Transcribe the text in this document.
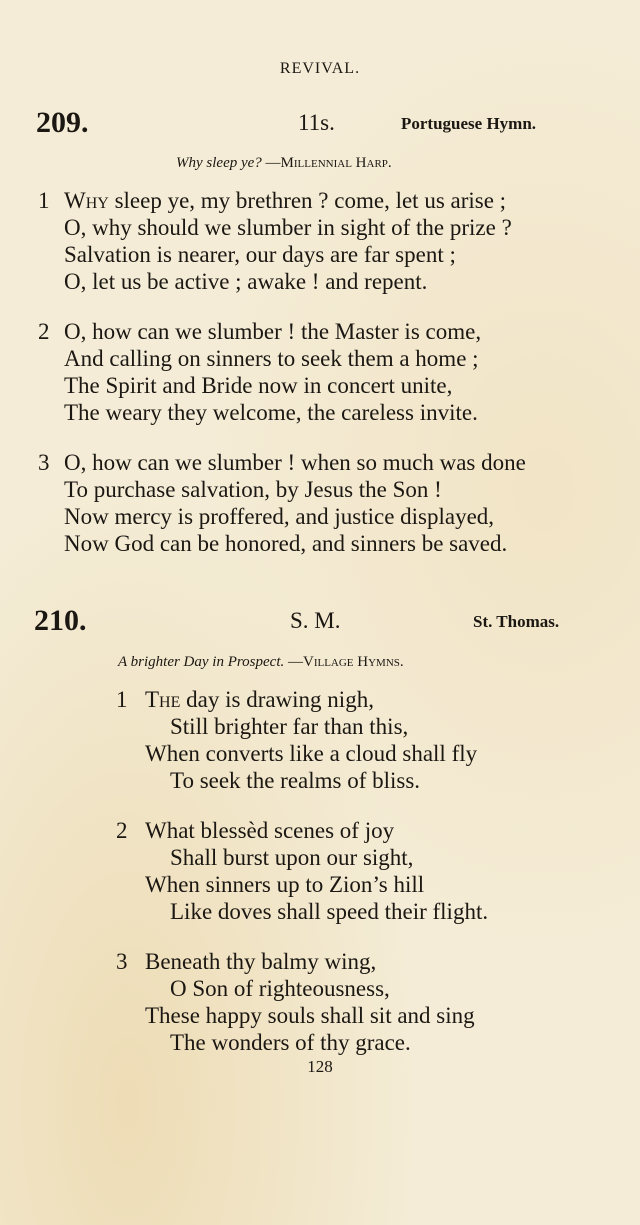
REVIVAL.
209.	11s.	Portuguese Hymn.
Why sleep ye? —Millennial Harp.
1 Why sleep ye, my brethren ? come, let us arise ;
O, why should we slumber in sight of the prize ?
Salvation is nearer, our days are far spent ;
O, let us be active ; awake ! and repent.
2 O, how can we slumber ! the Master is come,
And calling on sinners to seek them a home ;
The Spirit and Bride now in concert unite,
The weary they welcome, the careless invite.
3 O, how can we slumber ! when so much was done
To purchase salvation, by Jesus the Son !
Now mercy is proffered, and justice displayed,
Now God can be honored, and sinners be saved.
210.	S. M.	St. Thomas.
A brighter Day in Prospect. —Village Hymns.
1 The day is drawing nigh,
Still brighter far than this,
When converts like a cloud shall fly
To seek the realms of bliss.
2 What blessèd scenes of joy
Shall burst upon our sight,
When sinners up to Zion’s hill
Like doves shall speed their flight.
3 Beneath thy balmy wing,
O Son of righteousness,
These happy souls shall sit and sing
The wonders of thy grace.
128
